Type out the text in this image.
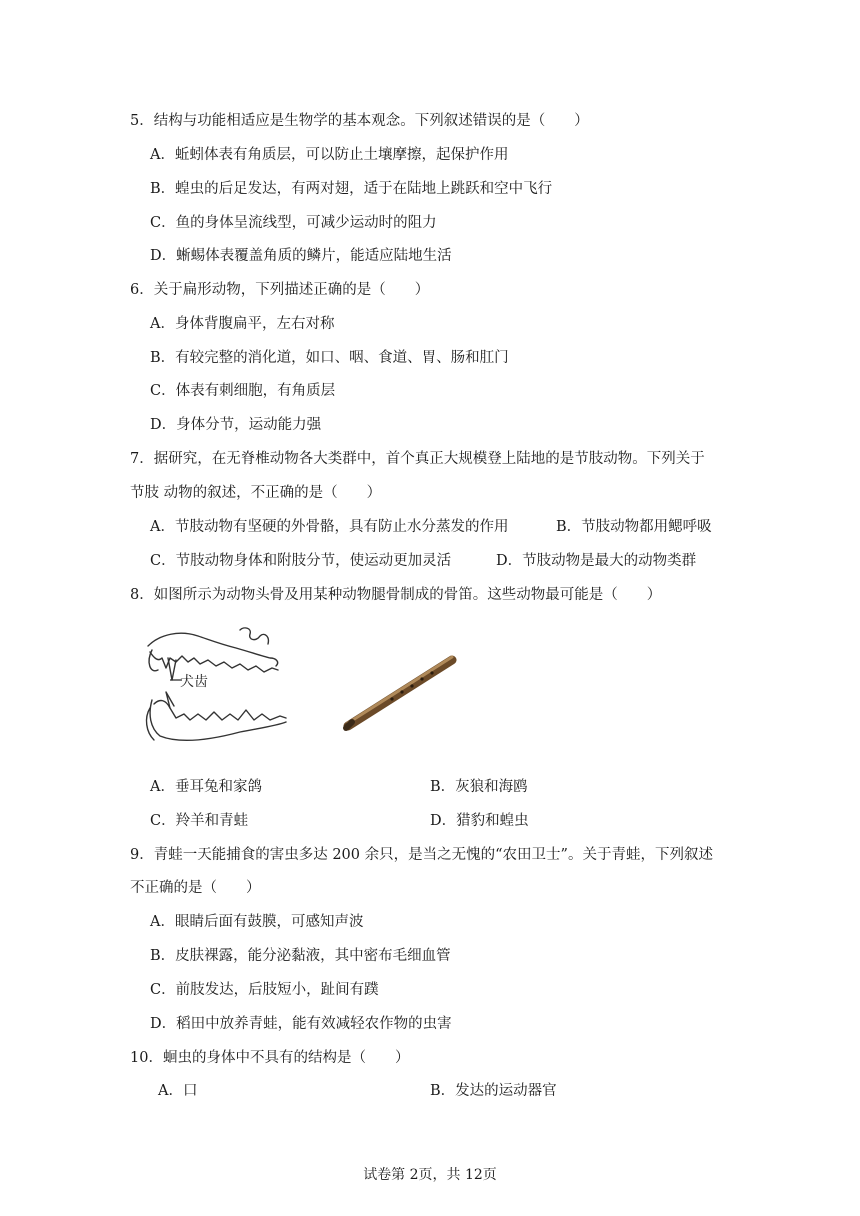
5．结构与功能相适应是生物学的基本观念。下列叙述错误的是（　　）
A．蚯蚓体表有角质层，可以防止土壤摩擦，起保护作用
B．蝗虫的后足发达，有两对翅，适于在陆地上跳跃和空中飞行
C．鱼的身体呈流线型，可减少运动时的阻力
D．蜥蜴体表覆盖角质的鳞片，能适应陆地生活
6．关于扁形动物，下列描述正确的是（　　）
A．身体背腹扁平，左右对称
B．有较完整的消化道，如口、咽、食道、胃、肠和肛门
C．体表有刺细胞，有角质层
D．身体分节，运动能力强
7．据研究，在无脊椎动物各大类群中，首个真正大规模登上陆地的是节肢动物。下列关于
节肢 动物的叙述，不正确的是（　　）
A．节肢动物有坚硬的外骨骼，具有防止水分蒸发的作用	B．节肢动物都用鳃呼吸
C．节肢动物身体和附肢分节，使运动更加灵活	D．节肢动物是最大的动物类群
8．如图所示为动物头骨及用某种动物腿骨制成的骨笛。这些动物最可能是（　　）
犬齿
A．垂耳兔和家鸽	B．灰狼和海鸥
C．羚羊和青蛙	D．猎豹和蝗虫
9．青蛙一天能捕食的害虫多达 200 余只，是当之无愧的“农田卫士”。关于青蛙，下列叙述
不正确的是（　　）
A．眼睛后面有鼓膜，可感知声波
B．皮肤裸露，能分泌黏液，其中密布毛细血管
C．前肢发达，后肢短小，趾间有蹼
D．稻田中放养青蛙，能有效减轻农作物的虫害
10．蛔虫的身体中不具有的结构是（　　）
A．口	B．发达的运动器官
试卷第 2页，共 12页
